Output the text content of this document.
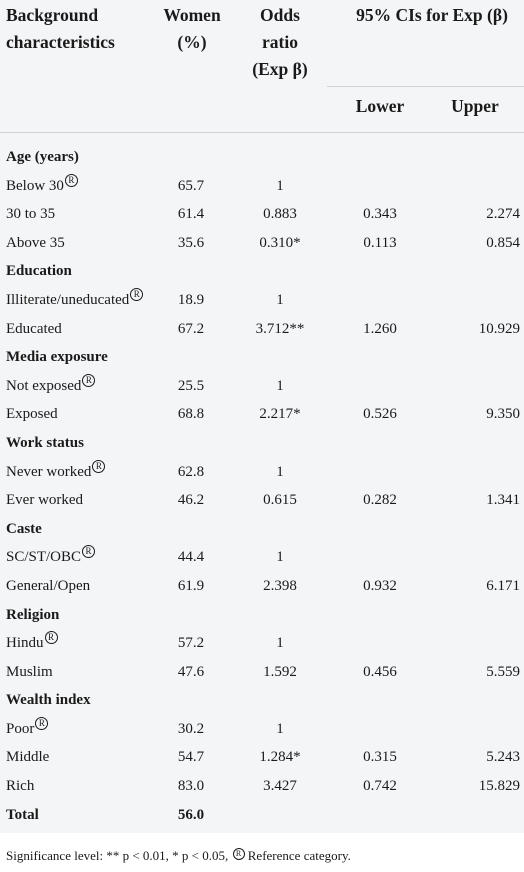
Background
characteristics
Women
(%)
Odds
ratio
(Exp β)
95% CIs for Exp (β)
Lower	Upper
Age (years)
Below 30 R	65.7	1
30 to 35	61.4	0.883	0.343	2.274
Above 35	35.6	0.310*	0.113	0.854
Education
Illiterate/uneducated R	18.9	1
Educated	67.2	3.712**	1.260	10.929
Media exposure
Not exposed R	25.5	1
Exposed	68.8	2.217*	0.526	9.350
Work status
Never worked R	62.8	1
Ever worked	46.2	0.615	0.282	1.341
Caste
SC/ST/OBC R	44.4	1
General/Open	61.9	2.398	0.932	6.171
Religion
Hindu R	57.2	1
Muslim	47.6	1.592	0.456	5.559
Wealth index
Poor R	30.2	1
Middle	54.7	1.284*	0.315	5.243
Rich	83.0	3.427	0.742	15.829
Total	56.0
Significance level: ** p < 0.01, * p < 0.05, R Reference category.
